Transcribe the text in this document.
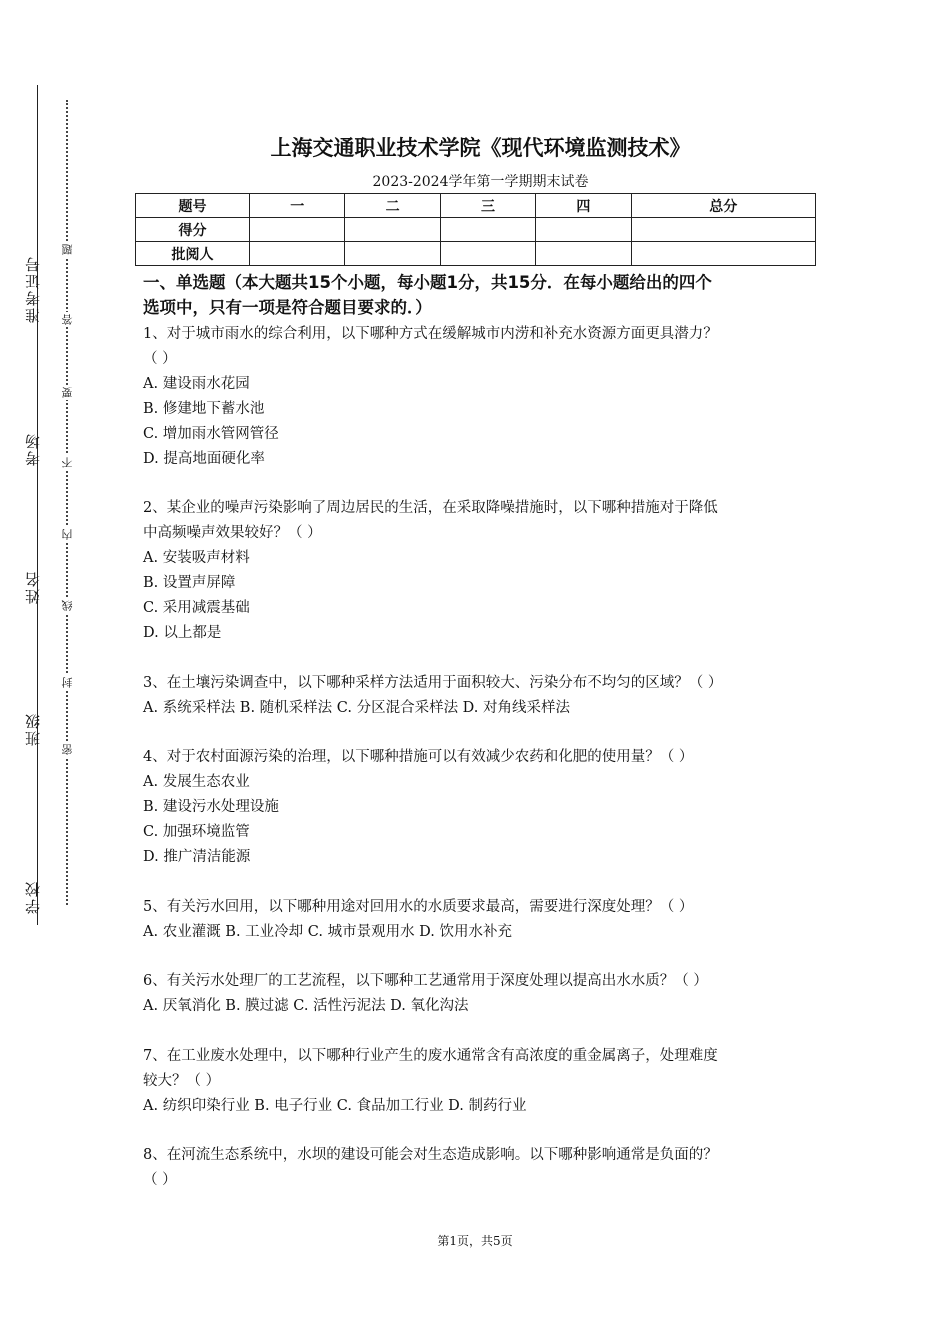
学校
班级
姓名
考场
准考证号
密
封
线
内
不
要
答
题
上海交通职业技术学院《现代环境监测技术》
2023-2024学年第一学期期末试卷
题号	一	二	三	四	总分
得分					
批阅人					
一、单选题（本大题共15个小题，每小题1分，共15分．在每小题给出的四个
选项中，只有一项是符合题目要求的．）
1、对于城市雨水的综合利用，以下哪种方式在缓解城市内涝和补充水资源方面更具潜力？
（ ）
A. 建设雨水花园
B. 修建地下蓄水池
C. 增加雨水管网管径
D. 提高地面硬化率
2、某企业的噪声污染影响了周边居民的生活，在采取降噪措施时，以下哪种措施对于降低
中高频噪声效果较好？（ ）
A. 安装吸声材料
B. 设置声屏障
C. 采用减震基础
D. 以上都是
3、在土壤污染调查中，以下哪种采样方法适用于面积较大、污染分布不均匀的区域？（ ）
A. 系统采样法 B. 随机采样法 C. 分区混合采样法 D. 对角线采样法
4、对于农村面源污染的治理，以下哪种措施可以有效减少农药和化肥的使用量？（ ）
A. 发展生态农业
B. 建设污水处理设施
C. 加强环境监管
D. 推广清洁能源
5、有关污水回用，以下哪种用途对回用水的水质要求最高，需要进行深度处理？（ ）
A. 农业灌溉 B. 工业冷却 C. 城市景观用水 D. 饮用水补充
6、有关污水处理厂的工艺流程，以下哪种工艺通常用于深度处理以提高出水水质？（ ）
A. 厌氧消化 B. 膜过滤 C. 活性污泥法 D. 氧化沟法
7、在工业废水处理中，以下哪种行业产生的废水通常含有高浓度的重金属离子，处理难度
较大？（ ）
A. 纺织印染行业 B. 电子行业 C. 食品加工行业 D. 制药行业
8、在河流生态系统中，水坝的建设可能会对生态造成影响。以下哪种影响通常是负面的？
（ ）
第1页，共5页
